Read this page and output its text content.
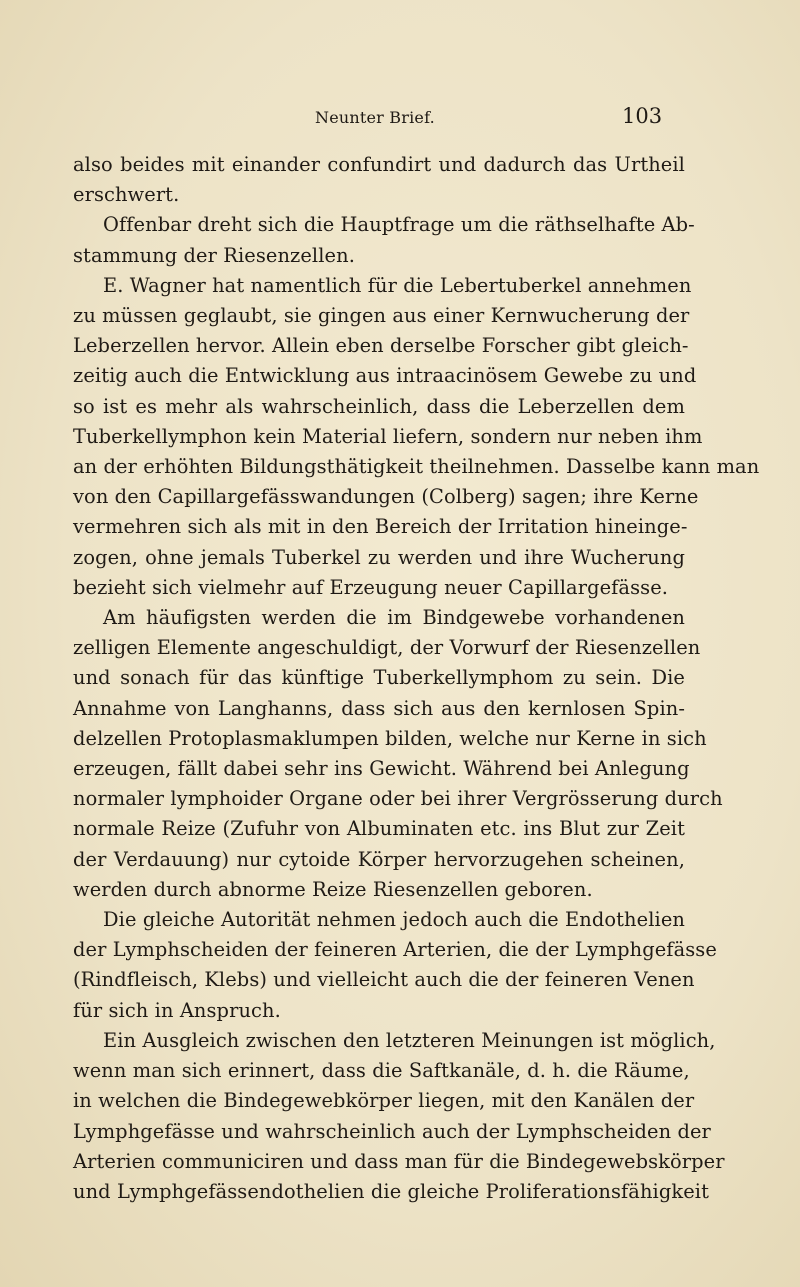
Neunter Brief.	103

also beides mit einander confundirt und dadurch das Urtheil
erschwert.

Offenbar dreht sich die Hauptfrage um die räthselhafte Ab-
stammung der Riesenzellen.

E. Wagner hat namentlich für die Lebertuberkel annehmen
zu müssen geglaubt, sie gingen aus einer Kernwucherung der
Leberzellen hervor. Allein eben derselbe Forscher gibt gleich-
zeitig auch die Entwicklung aus intraacinösem Gewebe zu und
so ist es mehr als wahrscheinlich, dass die Leberzellen dem
Tuberkellymphon kein Material liefern, sondern nur neben ihm
an der erhöhten Bildungsthätigkeit theilnehmen. Dasselbe kann man
von den Capillargefässwandungen (Colberg) sagen; ihre Kerne
vermehren sich als mit in den Bereich der Irritation hineinge-
zogen, ohne jemals Tuberkel zu werden und ihre Wucherung
bezieht sich vielmehr auf Erzeugung neuer Capillargefässe.

Am häufigsten werden die im Bindgewebe vorhandenen
zelligen Elemente angeschuldigt, der Vorwurf der Riesenzellen
und sonach für das künftige Tuberkellymphom zu sein. Die
Annahme von Langhanns, dass sich aus den kernlosen Spin-
delzellen Protoplasmaklumpen bilden, welche nur Kerne in sich
erzeugen, fällt dabei sehr ins Gewicht. Während bei Anlegung
normaler lymphoider Organe oder bei ihrer Vergrösserung durch
normale Reize (Zufuhr von Albuminaten etc. ins Blut zur Zeit
der Verdauung) nur cytoide Körper hervorzugehen scheinen,
werden durch abnorme Reize Riesenzellen geboren.

Die gleiche Autorität nehmen jedoch auch die Endothelien
der Lymphscheiden der feineren Arterien, die der Lymphgefässe
(Rindfleisch, Klebs) und vielleicht auch die der feineren Venen
für sich in Anspruch.

Ein Ausgleich zwischen den letzteren Meinungen ist möglich,
wenn man sich erinnert, dass die Saftkanäle, d. h. die Räume,
in welchen die Bindegewebkörper liegen, mit den Kanälen der
Lymphgefässe und wahrscheinlich auch der Lymphscheiden der
Arterien communiciren und dass man für die Bindegewebskörper
und Lymphgefässendothelien die gleiche Proliferationsfähigkeit
